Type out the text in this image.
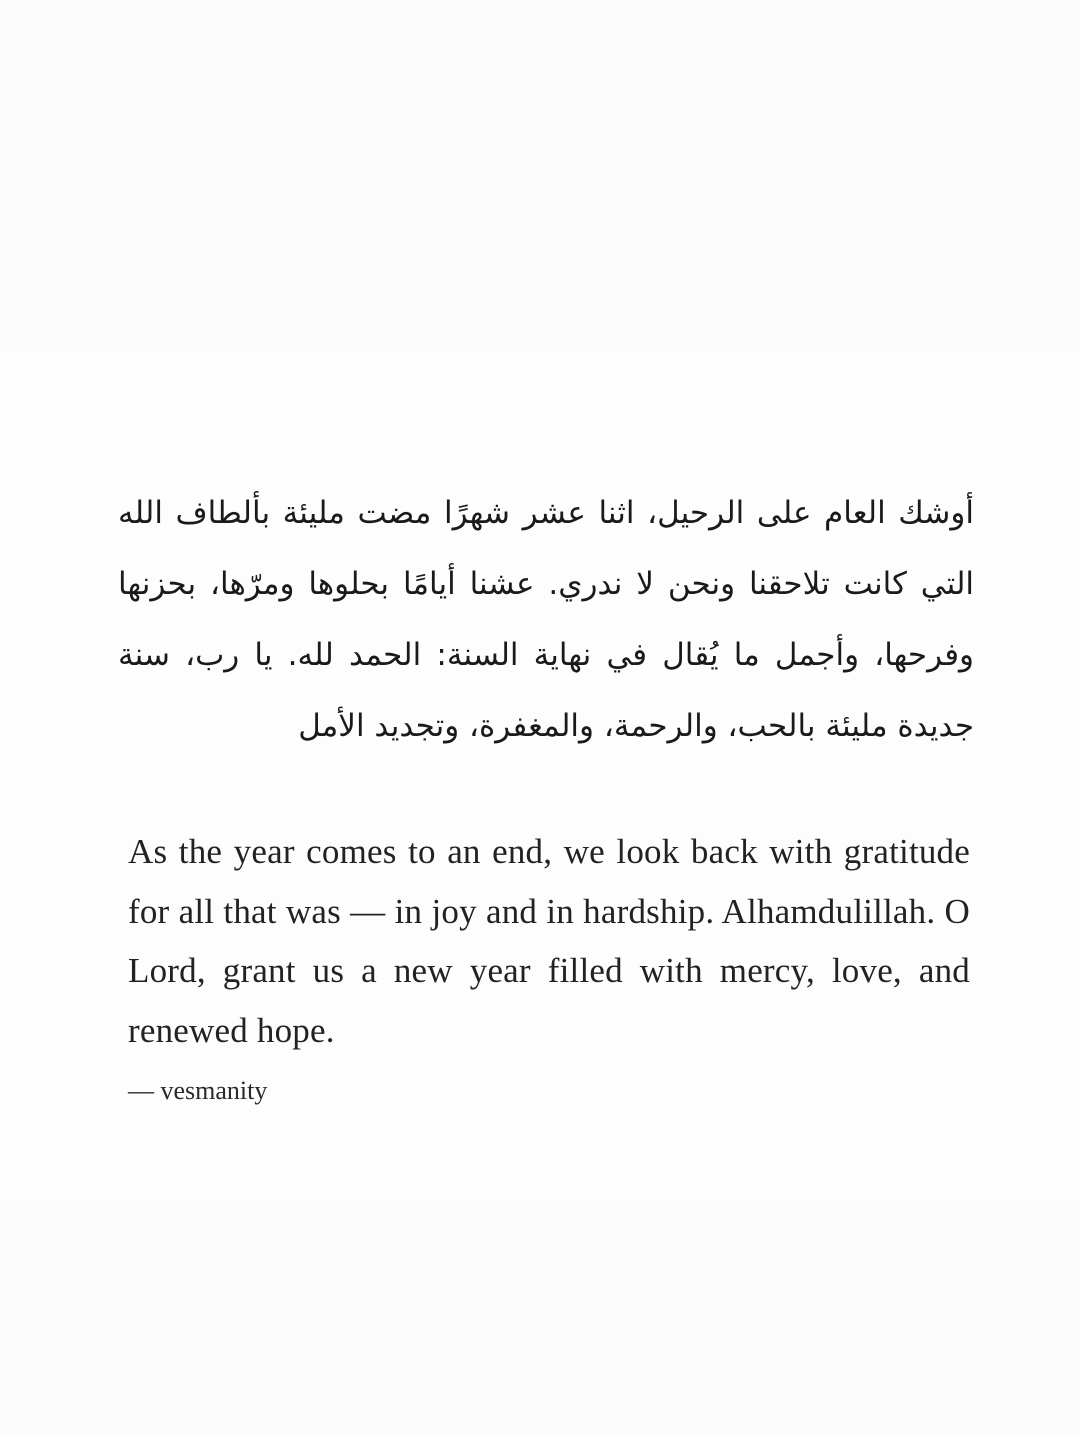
أوشك العام على الرحيل، اثنا عشر شهرًا مضت مليئة بألطاف الله التي كانت تلاحقنا ونحن لا ندري. عشنا أيامًا بحلوها ومرّها، بحزنها وفرحها، وأجمل ما يُقال في نهاية السنة: الحمد لله. يا رب، سنة جديدة مليئة بالحب، والرحمة، والمغفرة، وتجديد الأمل
As the year comes to an end, we look back with gratitude for all that was — in joy and in hardship. Alhamdulillah. O Lord, grant us a new year filled with mercy, love, and renewed hope.
— vesmanity
